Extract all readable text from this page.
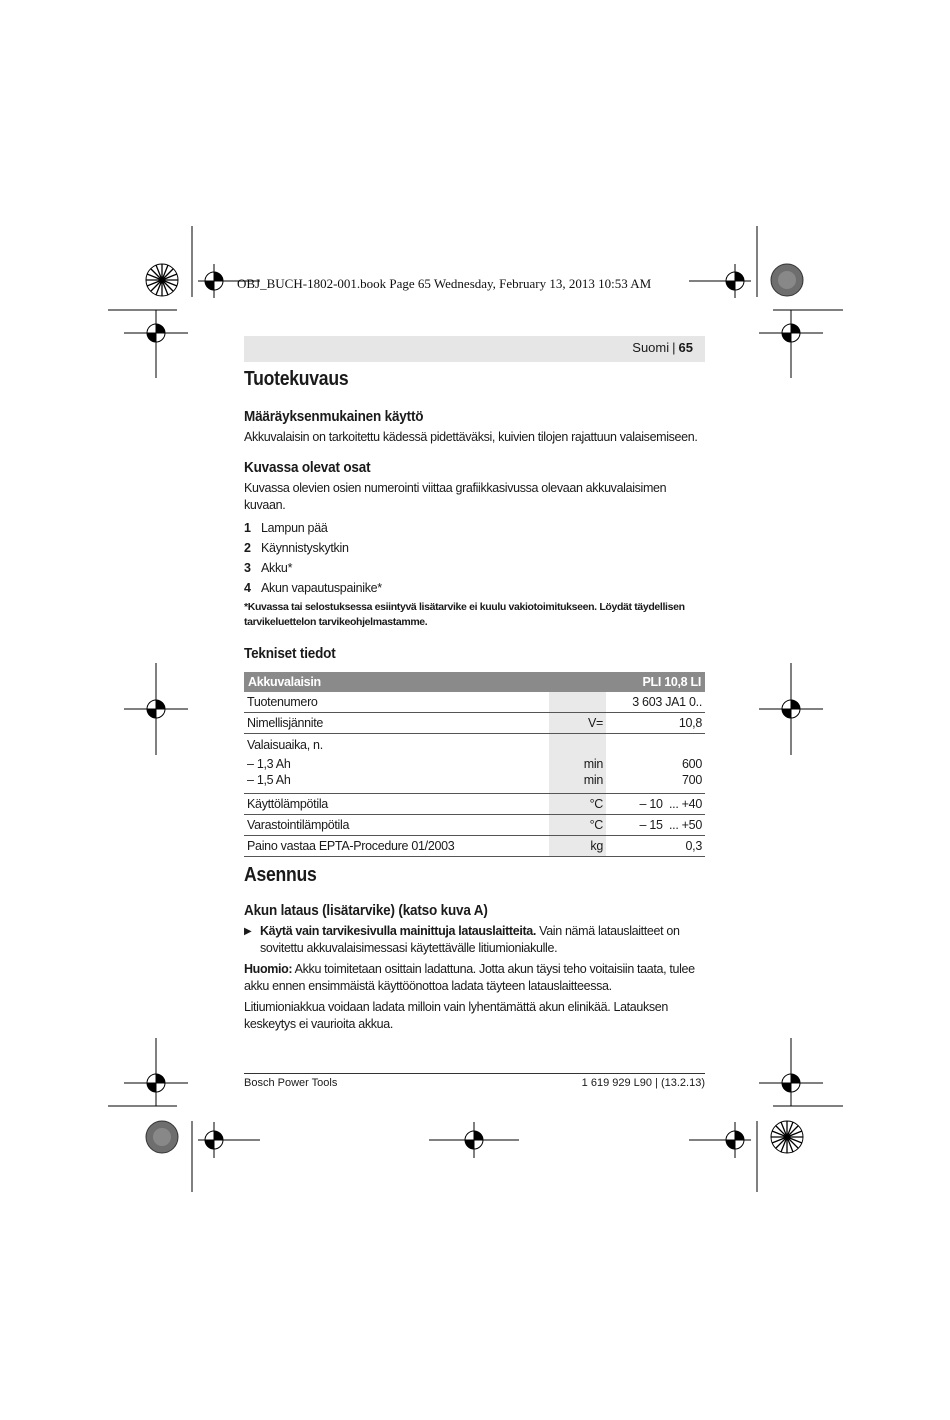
OBJ_BUCH-1802-001.book Page 65 Wednesday, February 13, 2013 10:53 AM
Suomi | 65
Tuotekuvaus
Määräyksenmukainen käyttö

Akkuvalaisin on tarkoitettu kädessä pidettäväksi, kuivien tilojen rajattuun valaisemiseen.

Kuvassa olevat osat

Kuvassa olevien osien numerointi viittaa grafiikkasivussa olevaan akkuvalaisimen kuvaan.

1 Lampun pää
2 Käynnistyskytkin
3 Akku*
4 Akun vapautuspainike*
*Kuvassa tai selostuksessa esiintyvä lisätarvike ei kuulu vakiotoimitukseen. Löydät täydellisen tarvikeluettelon tarvikeohjelmastamme.
Tekniset tiedot
Akkuvalaisin		PLI 10,8 LI
Tuotenumero		3 603 JA1 0..
Nimellisjännite	V=	10,8
Valaisuaika, n.		
– 1,3 Ah	min	600
– 1,5 Ah	min	700
Käyttölämpötila	°C	– 10  ... +40
Varastointilämpötila	°C	– 15  ... +50
Paino vastaa EPTA-Procedure 01/2003	kg	0,3
Asennus
Akun lataus (lisätarvike) (katso kuva A)
▶ Käytä vain tarvikesivulla mainittuja latauslaitteita. Vain nämä latauslaitteet on sovitettu akkuvalaisimessasi käytettävälle litiumioniakulle.

Huomio: Akku toimitetaan osittain ladattuna. Jotta akun täysi teho voitaisiin taata, tulee akku ennen ensimmäistä käyttöönottoa ladata täyteen latauslaitteessa.

Litiumioniakkua voidaan ladata milloin vain lyhentämättä akun elinikää. Latauksen keskeytys ei vaurioita akkua.

Bosch Power Tools	1 619 929 L90 | (13.2.13)
